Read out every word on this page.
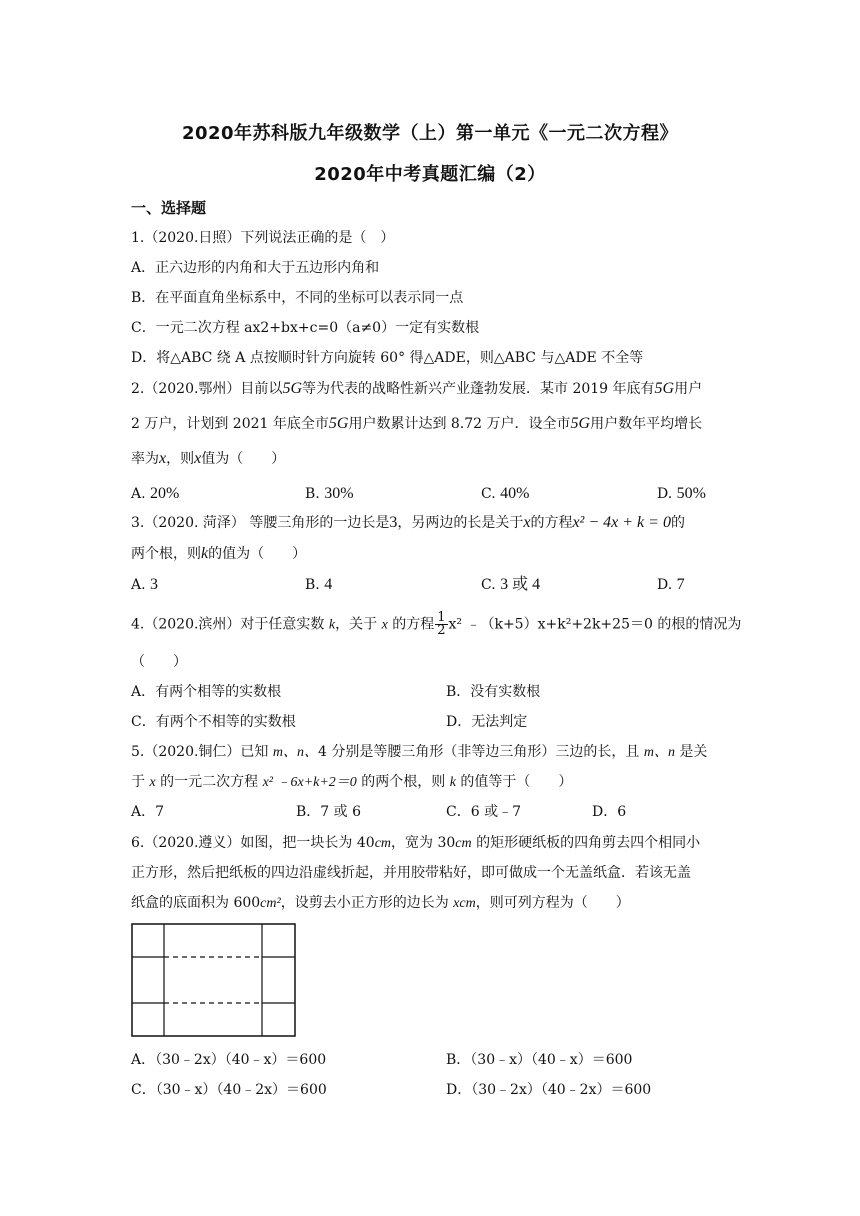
2020年苏科版九年级数学（上）第一单元《一元二次方程》
2020年中考真题汇编（2）
一、选择题
1.（2020.日照）下列说法正确的是（　）
A．正六边形的内角和大于五边形内角和
B．在平面直角坐标系中，不同的坐标可以表示同一点
C．一元二次方程 ax2+bx+c=0（a≠0）一定有实数根
D．将△ABC 绕 A 点按顺时针方向旋转 60° 得△ADE，则△ABC 与△ADE 不全等
2.（2020.鄂州）目前以5G等为代表的战略性新兴产业蓬勃发展．某市 2019 年底有5G用户
2 万户，计划到 2021 年底全市5G用户数累计达到 8.72 万户．设全市5G用户数年平均增长
率为x，则x值为（　　）
A. 20%	B. 30%	C. 40%	D. 50%
3.（2020. 菏泽） 等腰三角形的一边长是3，另两边的长是关于x的方程x² − 4x + k = 0的
两个根，则k的值为（　　）
A. 3	B. 4	C. 3 或 4	D. 7
4.（2020.滨州）对于任意实数 k，关于 x 的方程 $\frac{1}{2} x^2$ ﹣（k+5）x+k²+2k+25＝0 的根的情况为
（　　）
A．有两个相等的实数根	B．没有实数根
C．有两个不相等的实数根	D．无法判定
5.（2020.铜仁）已知 m、n、4 分别是等腰三角形（非等边三角形）三边的长，且 m、n 是关
于 x 的一元二次方程 x² ﹣6x+k+2＝0 的两个根，则 k 的值等于（　　）
A．7	B．7 或 6	C．6 或﹣7	D．6
6.（2020.遵义）如图，把一块长为 40cm，宽为 30cm 的矩形硬纸板的四角剪去四个相同小
正方形，然后把纸板的四边沿虚线折起，并用胶带粘好，即可做成一个无盖纸盒．若该无盖
纸盒的底面积为 600cm²，设剪去小正方形的边长为 xcm，则可列方程为（　　）
A．（30﹣2x）（40﹣x）＝600	B．（30﹣x）（40﹣x）＝600
C．（30﹣x）（40﹣2x）＝600	D．（30﹣2x）（40﹣2x）＝600
